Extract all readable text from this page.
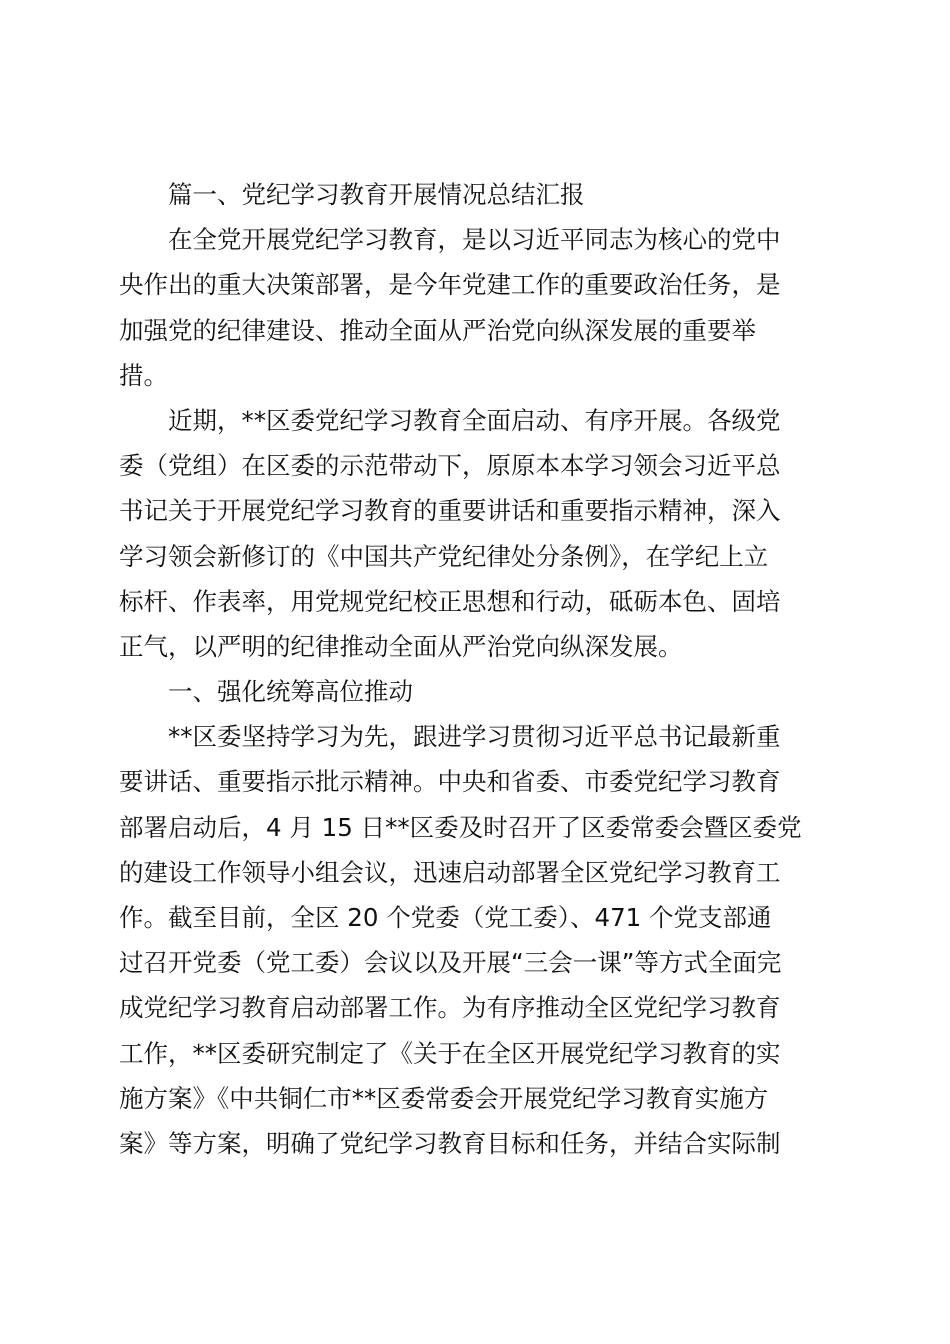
篇一、党纪学习教育开展情况总结汇报
在全党开展党纪学习教育，是以习近平同志为核心的党中
央作出的重大决策部署，是今年党建工作的重要政治任务，是
加强党的纪律建设、推动全面从严治党向纵深发展的重要举
措。
近期，**区委党纪学习教育全面启动、有序开展。各级党
委（党组）在区委的示范带动下，原原本本学习领会习近平总
书记关于开展党纪学习教育的重要讲话和重要指示精神，深入
学习领会新修订的《中国共产党纪律处分条例》，在学纪上立
标杆、作表率，用党规党纪校正思想和行动，砥砺本色、固培
正气，以严明的纪律推动全面从严治党向纵深发展。
一、强化统筹高位推动
**区委坚持学习为先，跟进学习贯彻习近平总书记最新重
要讲话、重要指示批示精神。中央和省委、市委党纪学习教育
部署启动后，4 月 15 日**区委及时召开了区委常委会暨区委党
的建设工作领导小组会议，迅速启动部署全区党纪学习教育工
作。截至目前，全区 20 个党委（党工委）、471 个党支部通
过召开党委（党工委）会议以及开展“三会一课”等方式全面完
成党纪学习教育启动部署工作。为有序推动全区党纪学习教育
工作，**区委研究制定了《关于在全区开展党纪学习教育的实
施方案》《中共铜仁市**区委常委会开展党纪学习教育实施方
案》等方案，明确了党纪学习教育目标和任务，并结合实际制
